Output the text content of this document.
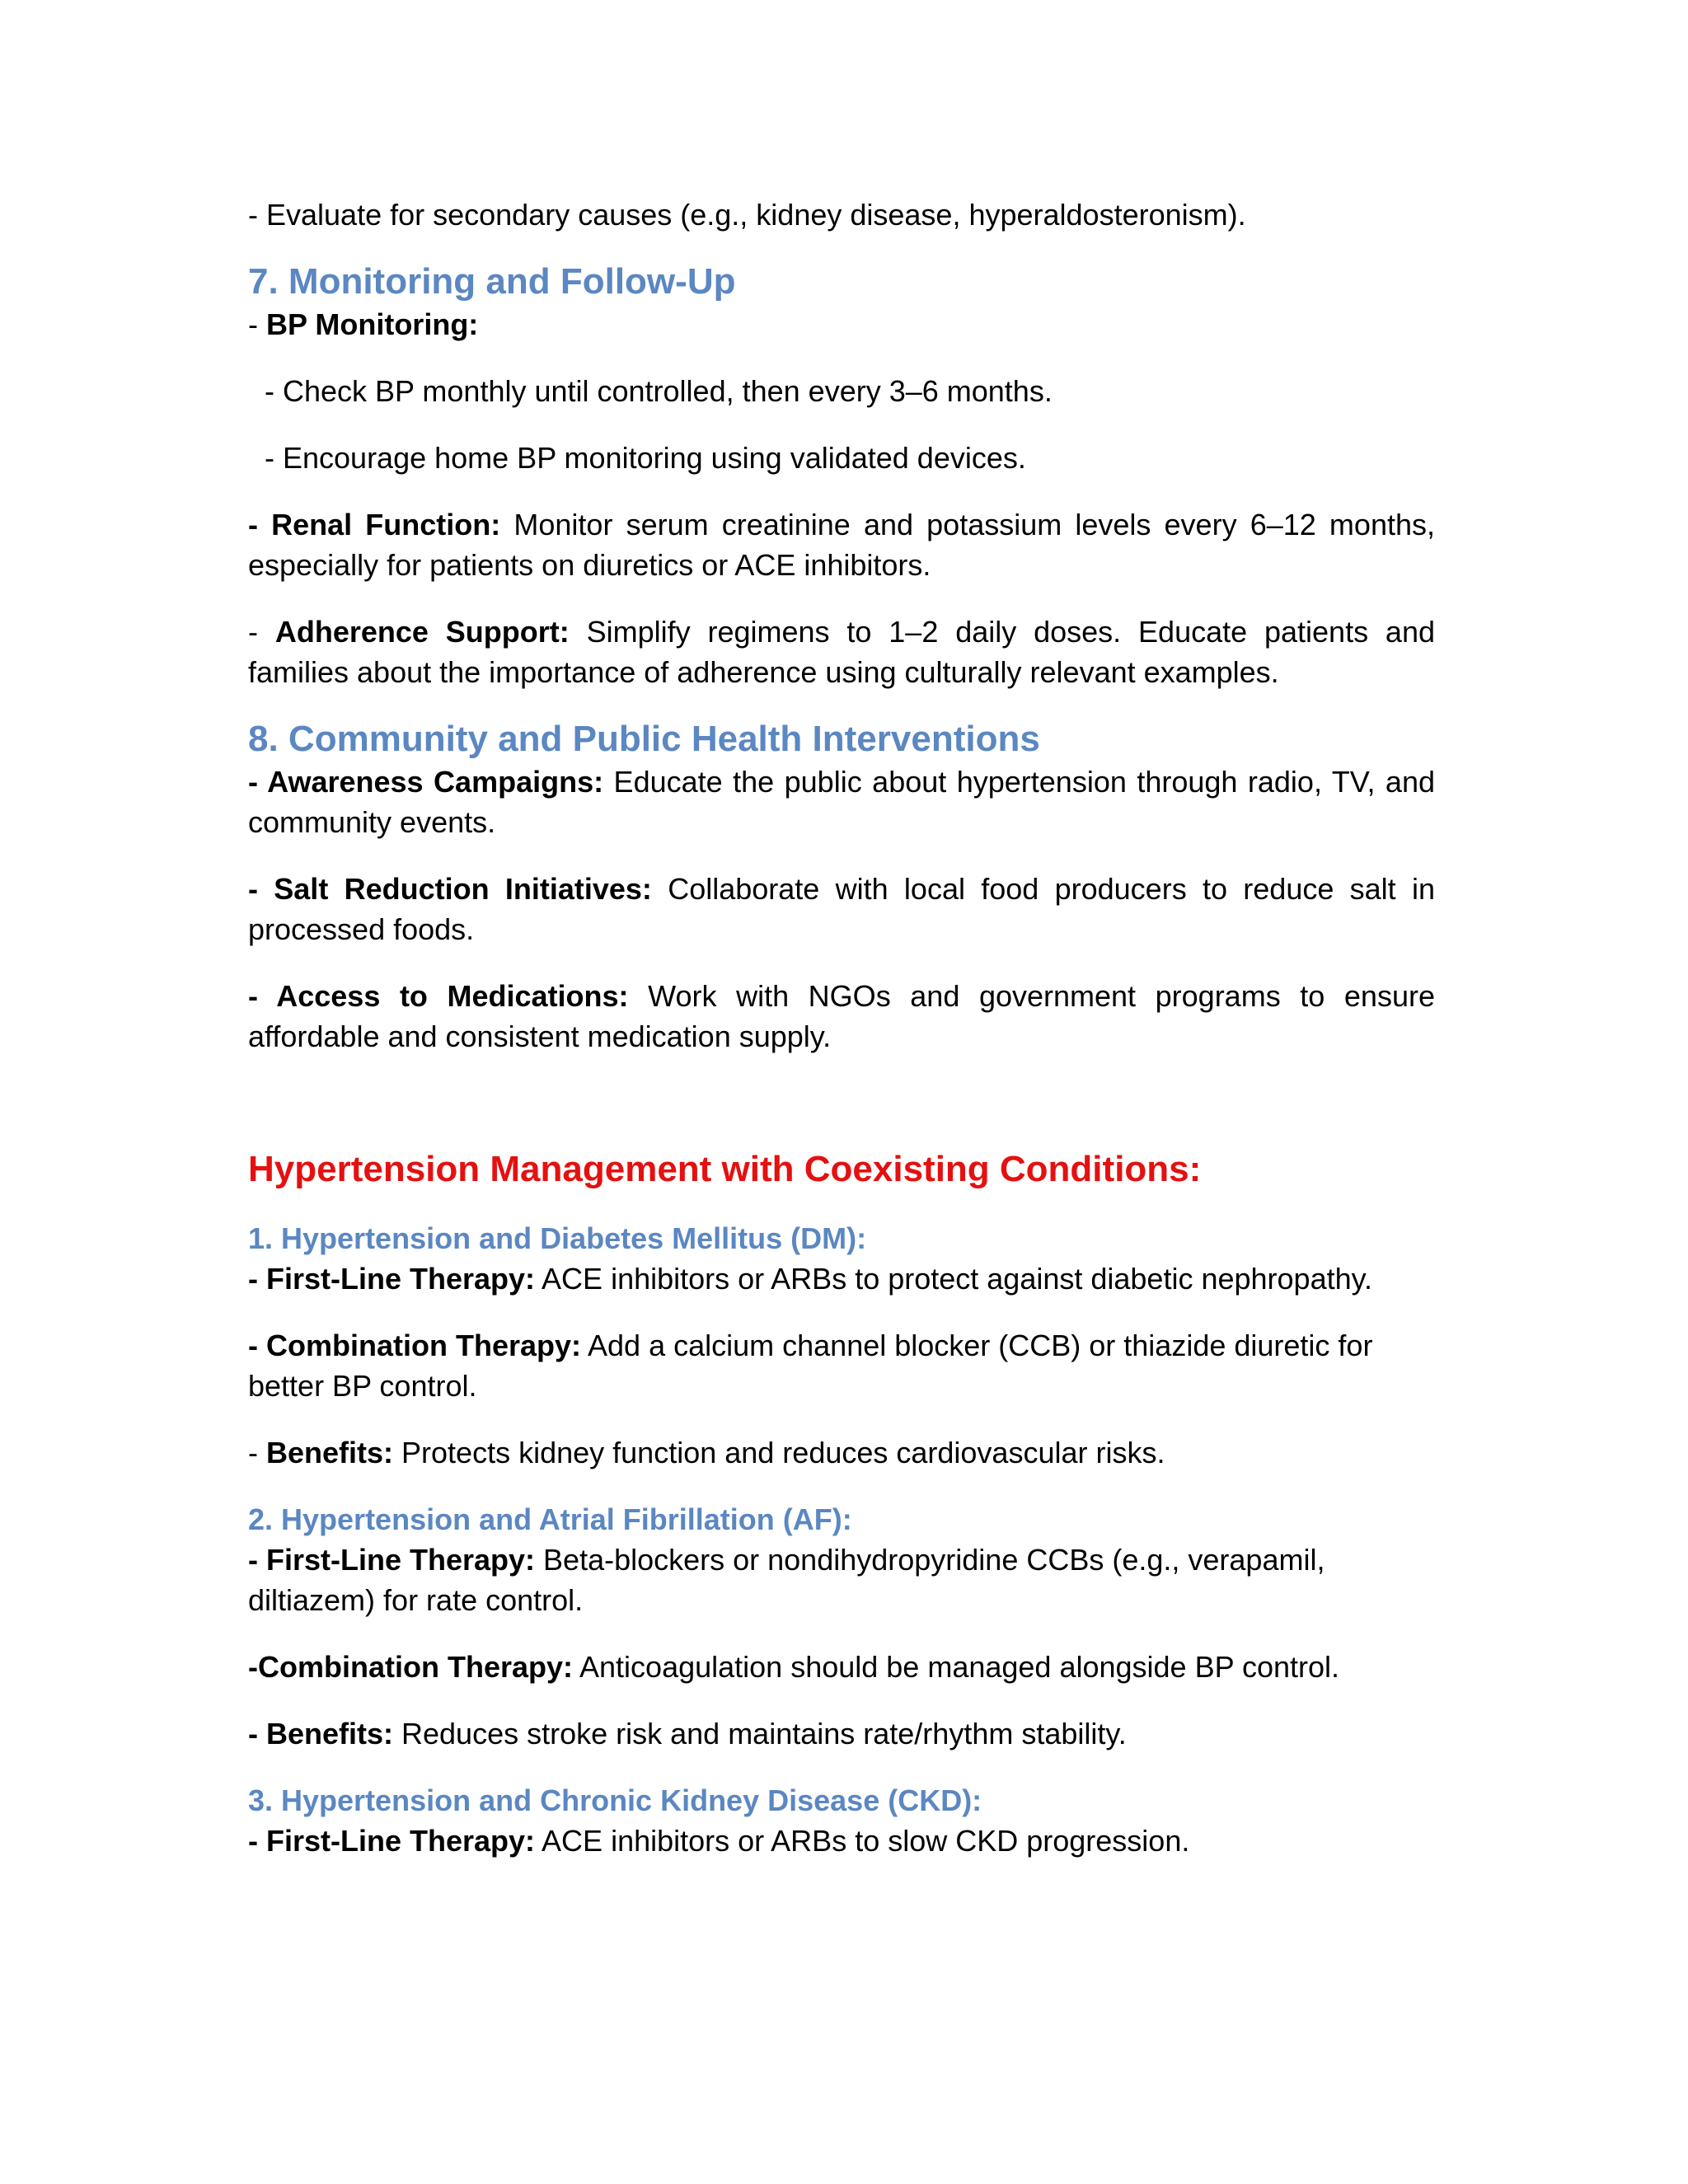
- Evaluate for secondary causes (e.g., kidney disease, hyperaldosteronism).

7. Monitoring and Follow-Up

- BP Monitoring:

- Check BP monthly until controlled, then every 3–6 months.

- Encourage home BP monitoring using validated devices.

- Renal Function: Monitor serum creatinine and potassium levels every 6–12 months, especially for patients on diuretics or ACE inhibitors.

- Adherence Support: Simplify regimens to 1–2 daily doses. Educate patients and families about the importance of adherence using culturally relevant examples.

8. Community and Public Health Interventions

- Awareness Campaigns: Educate the public about hypertension through radio, TV, and community events.

- Salt Reduction Initiatives: Collaborate with local food producers to reduce salt in processed foods.

- Access to Medications: Work with NGOs and government programs to ensure affordable and consistent medication supply.

Hypertension Management with Coexisting Conditions:
1. Hypertension and Diabetes Mellitus (DM):

- First-Line Therapy: ACE inhibitors or ARBs to protect against diabetic nephropathy.

- Combination Therapy: Add a calcium channel blocker (CCB) or thiazide diuretic for better BP control.

- Benefits: Protects kidney function and reduces cardiovascular risks.

2. Hypertension and Atrial Fibrillation (AF):

- First-Line Therapy: Beta-blockers or nondihydropyridine CCBs (e.g., verapamil, diltiazem) for rate control.

-Combination Therapy: Anticoagulation should be managed alongside BP control.

- Benefits: Reduces stroke risk and maintains rate/rhythm stability.

3. Hypertension and Chronic Kidney Disease (CKD):

- First-Line Therapy: ACE inhibitors or ARBs to slow CKD progression.
